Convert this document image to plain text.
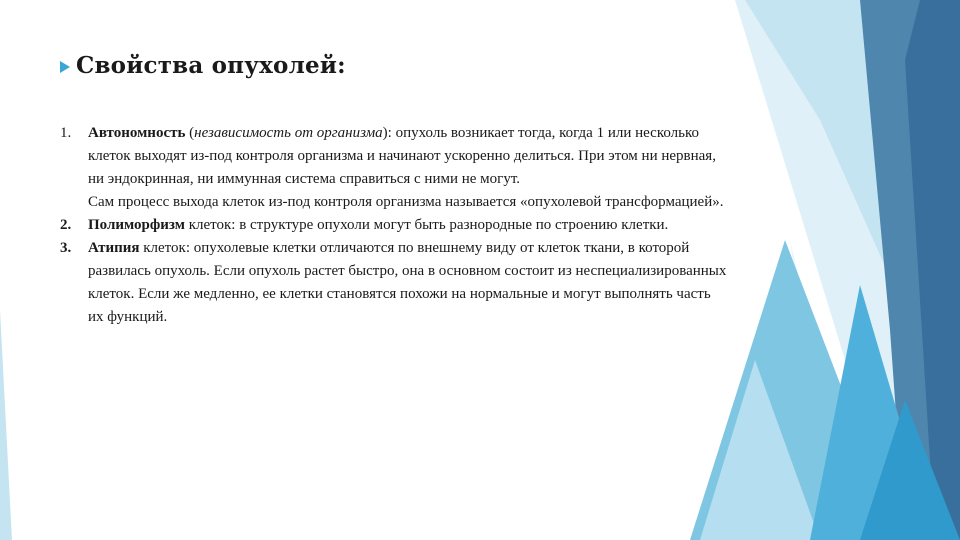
Свойства опухолей:
1. Автономность (независимость от организма): опухоль возникает тогда, когда 1 или несколько клеток выходят из-под контроля организма и начинают ускоренно делиться. При этом ни нервная, ни эндокринная, ни иммунная система справиться с ними не могут.
Сам процесс выхода клеток из-под контроля организма называется «опухолевой трансформацией».
2. Полиморфизм клеток: в структуре опухоли могут быть разнородные по строению клетки.
3. Атипия клеток: опухолевые клетки отличаются по внешнему виду от клеток ткани, в которой развилась опухоль. Если опухоль растет быстро, она в основном состоит из неспециализированных клеток. Если же медленно, ее клетки становятся похожи на нормальные и могут выполнять часть их функций.
